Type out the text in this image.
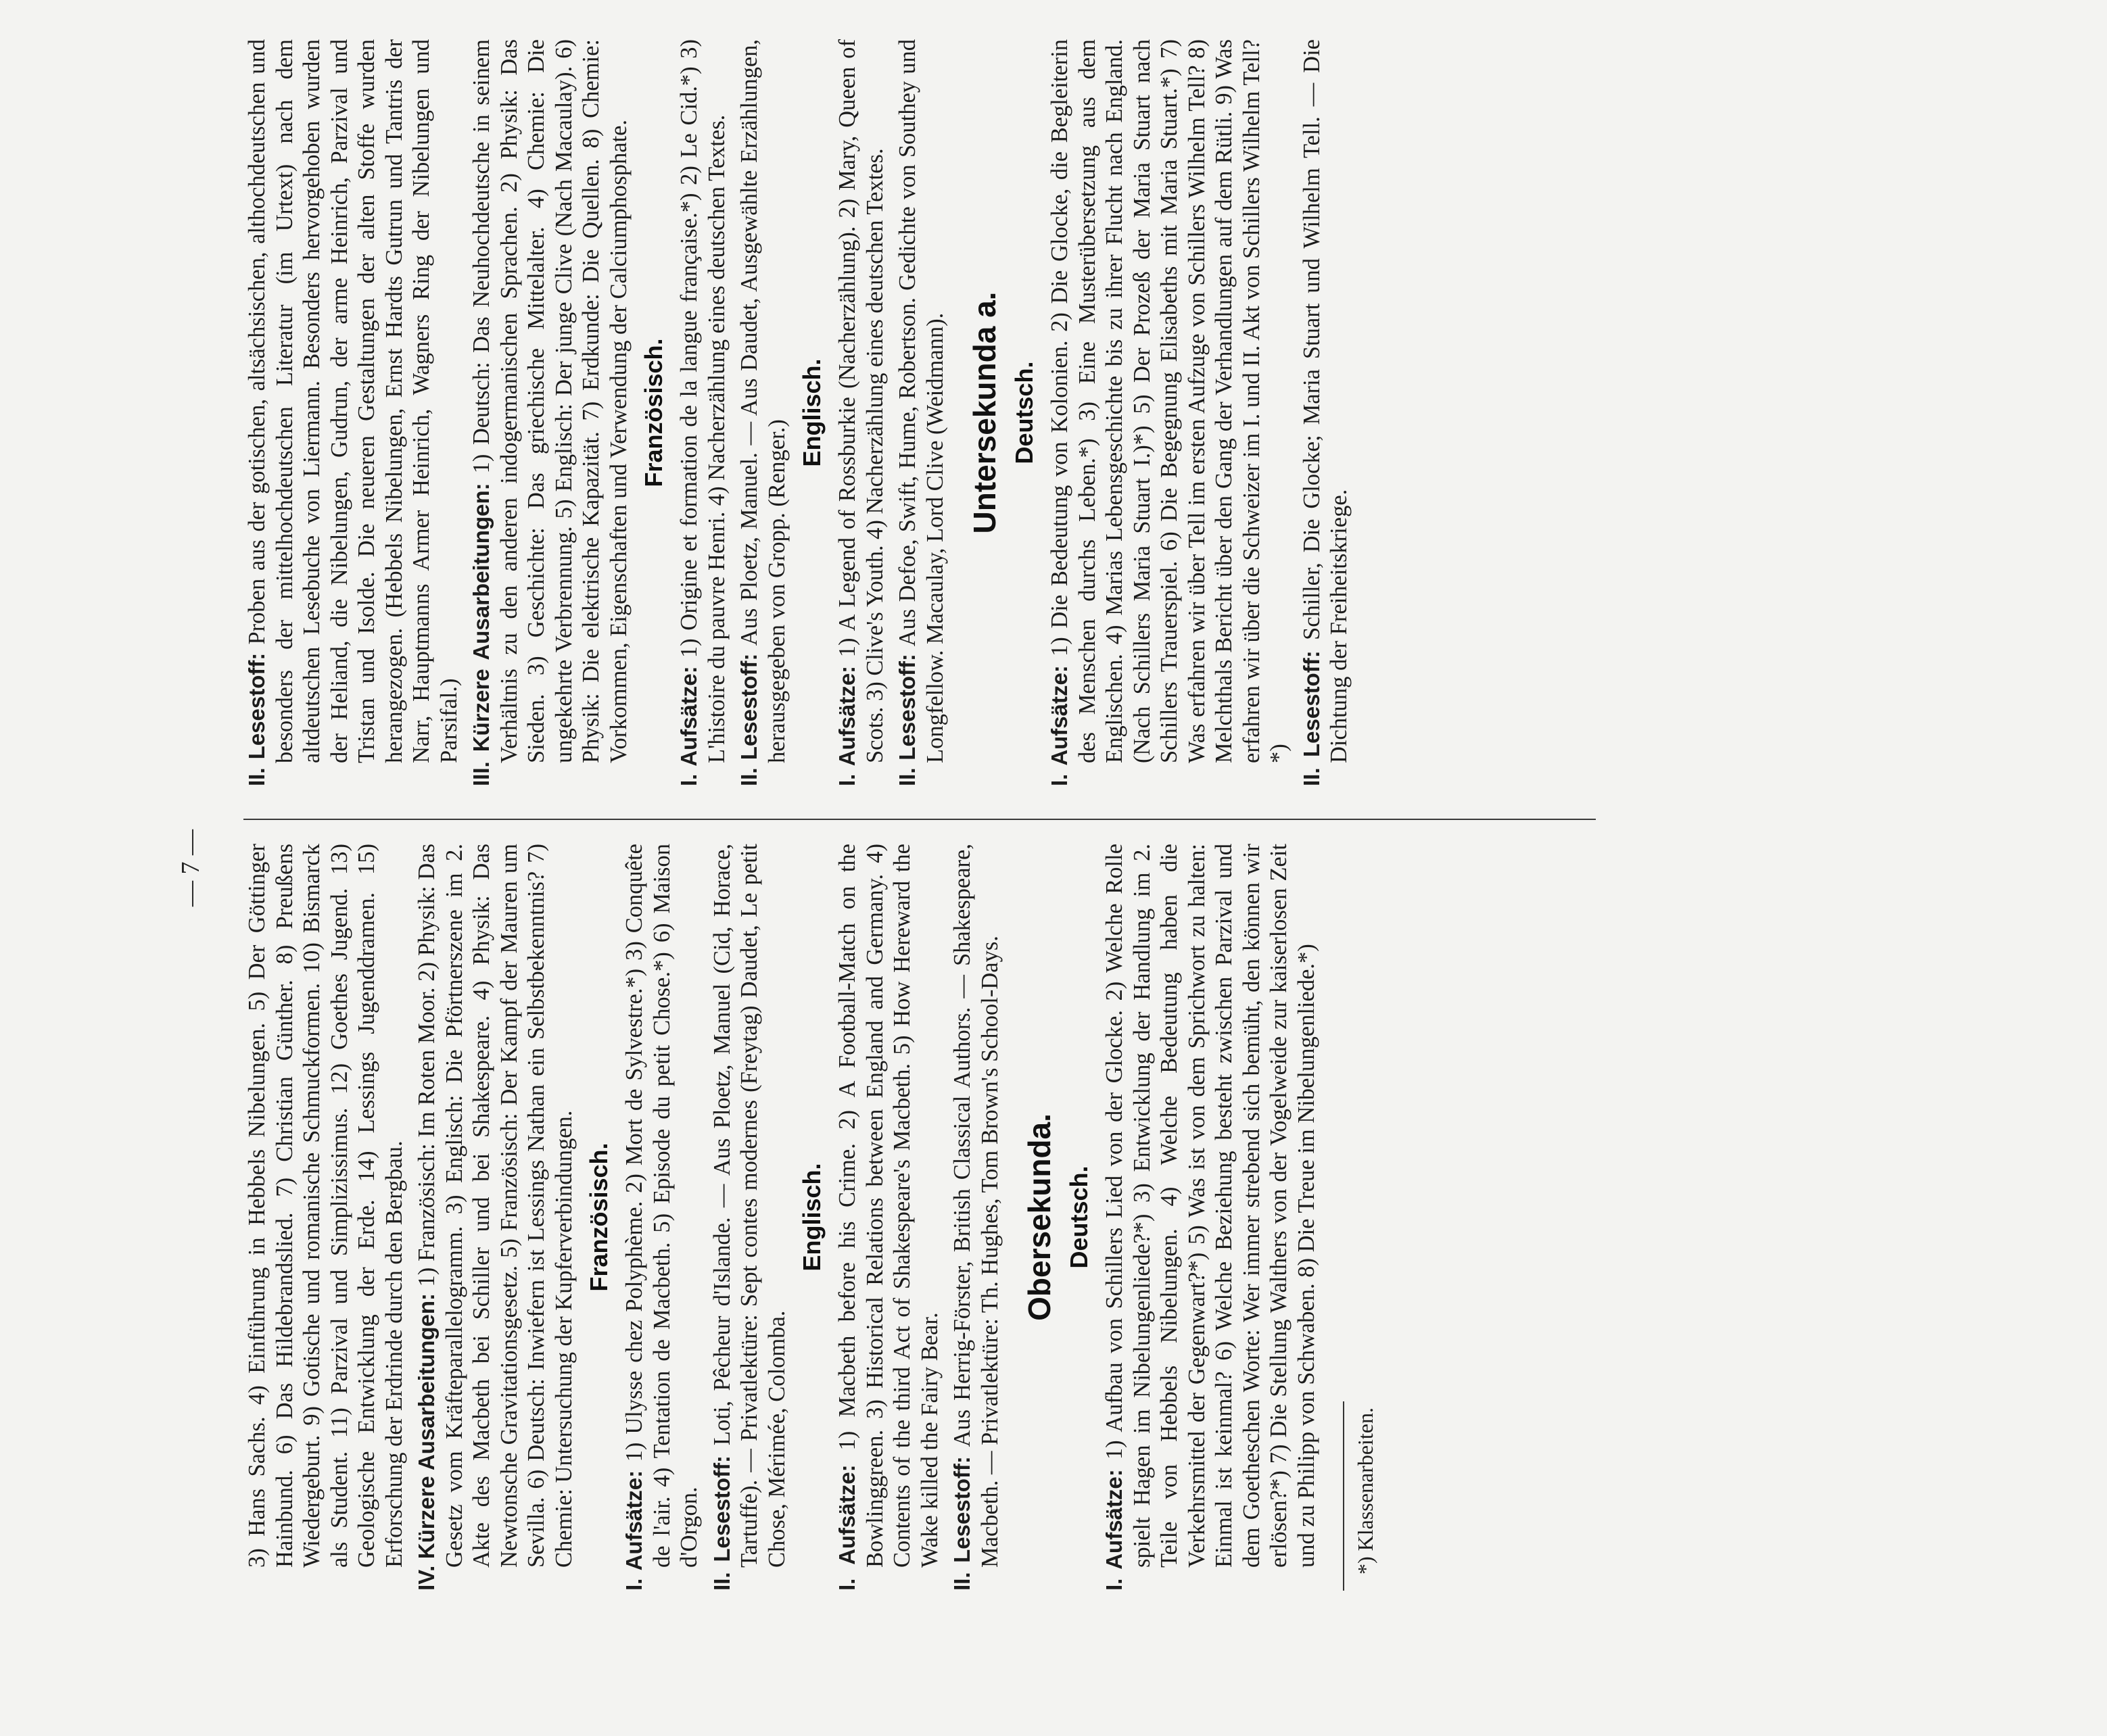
— 7 — 3) Hans Sachs. 4) Einführung in Hebbels Nibelungen. 5) Der Göttinger Hainbund. 6) Das Hildebrandslied. 7) Christian Günther. 8) Preußens Wiedergeburt. 9) Gotische und romanische Schmuckformen. 10) Bismarck als Student. 11) Parzival und Simplizissimus. 12) Goethes Jugend. 13) Geologische Entwicklung der Erde. 14) Lessings Jugenddramen. 15) Erforschung der Erdrinde durch den Bergbau. IV. Kürzere Ausarbeitungen: 1) Französisch: Im Roten Moor. 2) Physik: Das Gesetz vom Kräfteparallelogramm. 3) Englisch: Die Pförtnerszene im 2. Akte des Macbeth bei Schiller und bei Shakespeare. 4) Physik: Das Newtonsche Gravitationsgesetz. 5) Französisch: Der Kampf der Mauren um Sevilla. 6) Deutsch: Inwiefern ist Lessings Nathan ein Selbstbekenntnis? 7) Chemie: Untersuchung der Kupferverbindungen. Französisch.

I. Aufsätze: 1) Ulysse chez Polyphème. 2) Mort de Sylvestre.*) 3) Conquête de l'air. 4) Tentation de Macbeth. 5) Episode du petit Chose.*) 6) Maison d'Orgon. II. Lesestoff: Loti, Pêcheur d'Islande. — Aus Ploetz, Manuel (Cid, Horace, Tartuffe). — Privatlektüre: Sept contes modernes (Freytag) Daudet, Le petit Chose, Mérimée, Colomba.

Englisch.

I. Aufsätze: 1) Macbeth before his Crime. 2) A Football-Match on the Bowlinggreen. 3) Historical Relations between England and Germany. 4) Contents of the third Act of Shakespeare's Macbeth. 5) How Hereward the Wake killed the Fairy Bear. II. Lesestoff: Aus Herrig-Förster, British Classical Authors. — Shakespeare, Macbeth. — Privatlektüre: Th. Hughes, Tom Brown's School-Days. Obersekunda. Deutsch.

I. Aufsätze: 1) Aufbau von Schillers Lied von der Glocke. 2) Welche Rolle spielt Hagen im Nibelungenliede?*) 3) Entwicklung der Handlung im 2. Teile von Hebbels Nibelungen. 4) Welche Bedeutung haben die Verkehrsmittel der Gegenwart?*) 5) Was ist von dem Sprichwort zu halten: Einmal ist keinmal? 6) Welche Beziehung besteht zwischen Parzival und dem Goetheschen Worte: Wer immer strebend sich bemüht, den können wir erlösen?*) 7) Die Stellung Walthers von der Vogelweide zur kaiserlosen Zeit und zu Philipp von Schwaben. 8) Die Treue im Nibelungenliede.*) *) Klassenarbeiten.

II. Lesestoff: Proben aus der gotischen, altsächsischen, althochdeutschen und besonders der mittelhochdeutschen Literatur (im Urtext) nach dem altdeutschen Lesebuche von Liermann. Besonders hervorgehoben wurden der Heliand, die Nibelungen, Gudrun, der arme Heinrich, Parzival und Tristan und Isolde. Die neueren Gestaltungen der alten Stoffe wurden herangezogen. (Hebbels Nibelungen, Ernst Hardts Gutrun und Tantris der Narr, Hauptmanns Armer Heinrich, Wagners Ring der Nibelungen und Parsifal.) III. Kürzere Ausarbeitungen: 1) Deutsch: Das Neuhochdeutsche in seinem Verhältnis zu den anderen indogermanischen Sprachen. 2) Physik: Das Sieden. 3) Geschichte: Das griechische Mittelalter. 4) Chemie: Die ungekehrte Verbrennung. 5) Englisch: Der junge Clive (Nach Macaulay). 6) Physik: Die elektrische Kapazität. 7) Erdkunde: Die Quellen. 8) Chemie: Vorkommen, Eigenschaften und Verwendung der Calciumphosphate. Französisch.

I. Aufsätze: 1) Origine et formation de la langue française.*) 2) Le Cid.*) 3) L'histoire du pauvre Henri. 4) Nacherzählung eines deutschen Textes. II. Lesestoff: Aus Ploetz, Manuel. — Aus Daudet, Ausgewählte Erzählungen, herausgegeben von Gropp. (Renger.)

Englisch.

I. Aufsätze: 1) A Legend of Rossburkie (Nacherzählung). 2) Mary, Queen of Scots. 3) Clive's Youth. 4) Nacherzählung eines deutschen Textes. II. Lesestoff: Aus Defoe, Swift, Hume, Robertson. Gedichte von Southey und Longfellow. Macaulay, Lord Clive (Weidmann). Untersekunda a. Deutsch.

I. Aufsätze: 1) Die Bedeutung von Kolonien. 2) Die Glocke, die Begleiterin des Menschen durchs Leben.*) 3) Eine Musterübersetzung aus dem Englischen. 4) Marias Lebensgeschichte bis zu ihrer Flucht nach England. (Nach Schillers Maria Stuart I.)*) 5) Der Prozeß der Maria Stuart nach Schillers Trauerspiel. 6) Die Begegnung Elisabeths mit Maria Stuart.*) 7) Was erfahren wir über Tell im ersten Aufzuge von Schillers Wilhelm Tell? 8) Melchthals Bericht über den Gang der Verhandlungen auf dem Rütli. 9) Was erfahren wir über die Schweizer im I. und II. Akt von Schillers Wilhelm Tell?*) II. Lesestoff: Schiller, Die Glocke; Maria Stuart und Wilhelm Tell. — Die Dichtung der Freiheitskriege.
